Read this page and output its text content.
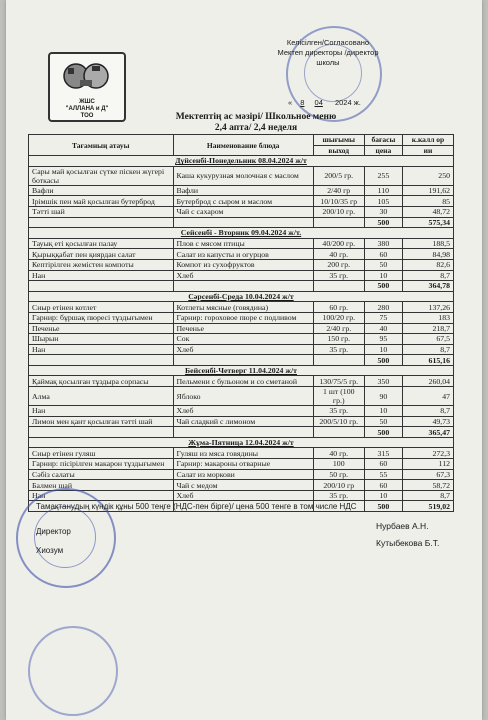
ЖШС
"АЛЛАНА и Д"
ТОО
Келісілген/Согласовано
Мектеп директоры /директор школы
« 8 04 2024 ж.
Мектептің ас мәзірі/ Школьное меню
2,4 апта/ 2,4 неделя
Тағамның атауы	Наименование блюда	шығымы	бағасы	к.калл ор
		выход	цена	ии
Дүйсенбі-Понедельник 08.04.2024 ж/т				
Сары май қосылған сүтке піскен жүгері боткасы	Каша кукурузная молочная с маслом	200/5 гр.	255	250
Вафли	Вафли	2/40 гр	110	191,62
Ірімшік пен май қосылған бутерброд	Бутерброд с сыром и маслом	10/10/35 гр	105	85
Тәтті шай	Чай с сахаром	200/10 гр.	30	48,72
			500	575,34
Сейсенбі - Вторник 09.04.2024 ж/т.				
Тауық еті қосылған палау	Плов с мясом птицы	40/200 гр.	380	188,5
Қырыққабат пен қиярдан салат	Салат из капусты и огурцов	40 гр.	60	84,98
Кептірілген жемістен компоты	Компот из сухофруктов	200 гр.	50	82,6
Нан	Хлеб	35 гр.	10	8,7
			500	364,78
Сәрсенбі-Среда 10.04.2024 ж/т				
Сиыр етінен котлет	Котлеты мясные (говядина)	60 гр.	280	137,26
Гарнир: бұршақ пюресі тұздығымен	Гарнир: гороховое пюре с подливом	100/20 гр.	75	183
Печенье	Печенье	2/40 гр.	40	218,7
Шырын	Сок	150 гр.	95	67,5
Нан	Хлеб	35 гр.	10	8,7
			500	615,16
Бейсенбі-Четверг 11.04.2024 ж/т				
Қаймақ қосылған тұздыра сорпасы	Пельмени с бульоном и со сметаной	130/75/5 гр.	350	260,04
Алма	Яблоко	1 шт (100 гр.)	90	47
Нан	Хлеб	35 гр.	10	8,7
Лимон мен қант қосылған тәтті шай	Чай сладкий с лимоном	200/5/10 гр.	50	49,73
			500	365,47
Жұма-Пятница 12.04.2024 ж/т				
Сиыр етінен гуляш	Гуляш из мяса говядины	40 гр.	315	272,3
Гарнир: пісірілген макарон тұздығымен	Гарнир: макароны отварные	100	60	112
Сәбіз салаты	Салат из моркови	50 гр.	55	67,3
Балмен шай	Чай с медом	200/10 гр	60	58,72
Нан	Хлеб	35 гр.	10	8,7
			500	519,02
Тамақтанудың күндік құны 500 теңге (НДС-пен бірге)/ цена 500 тенге в том числе НДС
Директор
Хиозум
Нурбаев А.Н.
Кутыбекова Б.Т.
